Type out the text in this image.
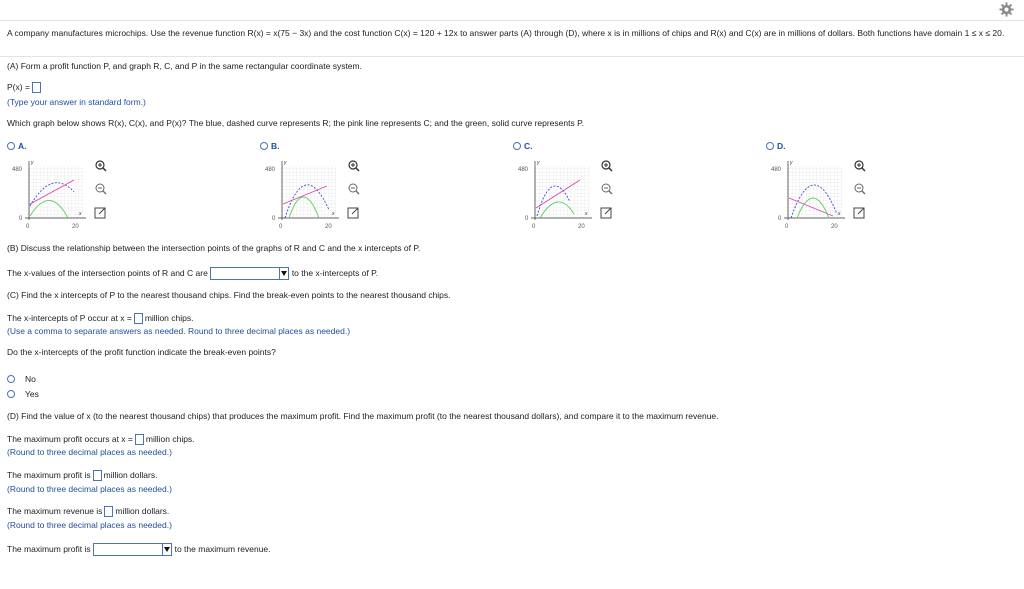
A company manufactures microchips. Use the revenue function R(x) = x(75 − 3x) and the cost function C(x) = 120 + 12x to answer parts (A) through (D), where x is in millions of chips and R(x) and C(x) are in millions of dollars. Both functions have domain 1 ≤ x ≤ 20.
(A) Form a profit function P, and graph R, C, and P in the same rectangular coordinate system.
P(x) =
(Type your answer in standard form.)
Which graph below shows R(x), C(x), and P(x)? The blue, dashed curve represents R; the pink line represents C; and the green, solid curve represents P.
A.	B.	C.	D.
480
0
0	20
x
y
480
0
0	20
x
y
480
0
0	20
x
y
480
0
0	20
x
y
(B) Discuss the relationship between the intersection points of the graphs of R and C and the x intercepts of P.
The x-values of the intersection points of R and C are	to the x-intercepts of P.
(C) Find the x intercepts of P to the nearest thousand chips. Find the break-even points to the nearest thousand chips.
The x-intercepts of P occur at x = million chips.
(Use a comma to separate answers as needed. Round to three decimal places as needed.)
Do the x-intercepts of the profit function indicate the break-even points?
No
Yes
(D) Find the value of x (to the nearest thousand chips) that produces the maximum profit. Find the maximum profit (to the nearest thousand dollars), and compare it to the maximum revenue.
The maximum profit occurs at x = million chips.
(Round to three decimal places as needed.)
The maximum profit is million dollars.
(Round to three decimal places as needed.)
The maximum revenue is million dollars.
(Round to three decimal places as needed.)
The maximum profit is	to the maximum revenue.
